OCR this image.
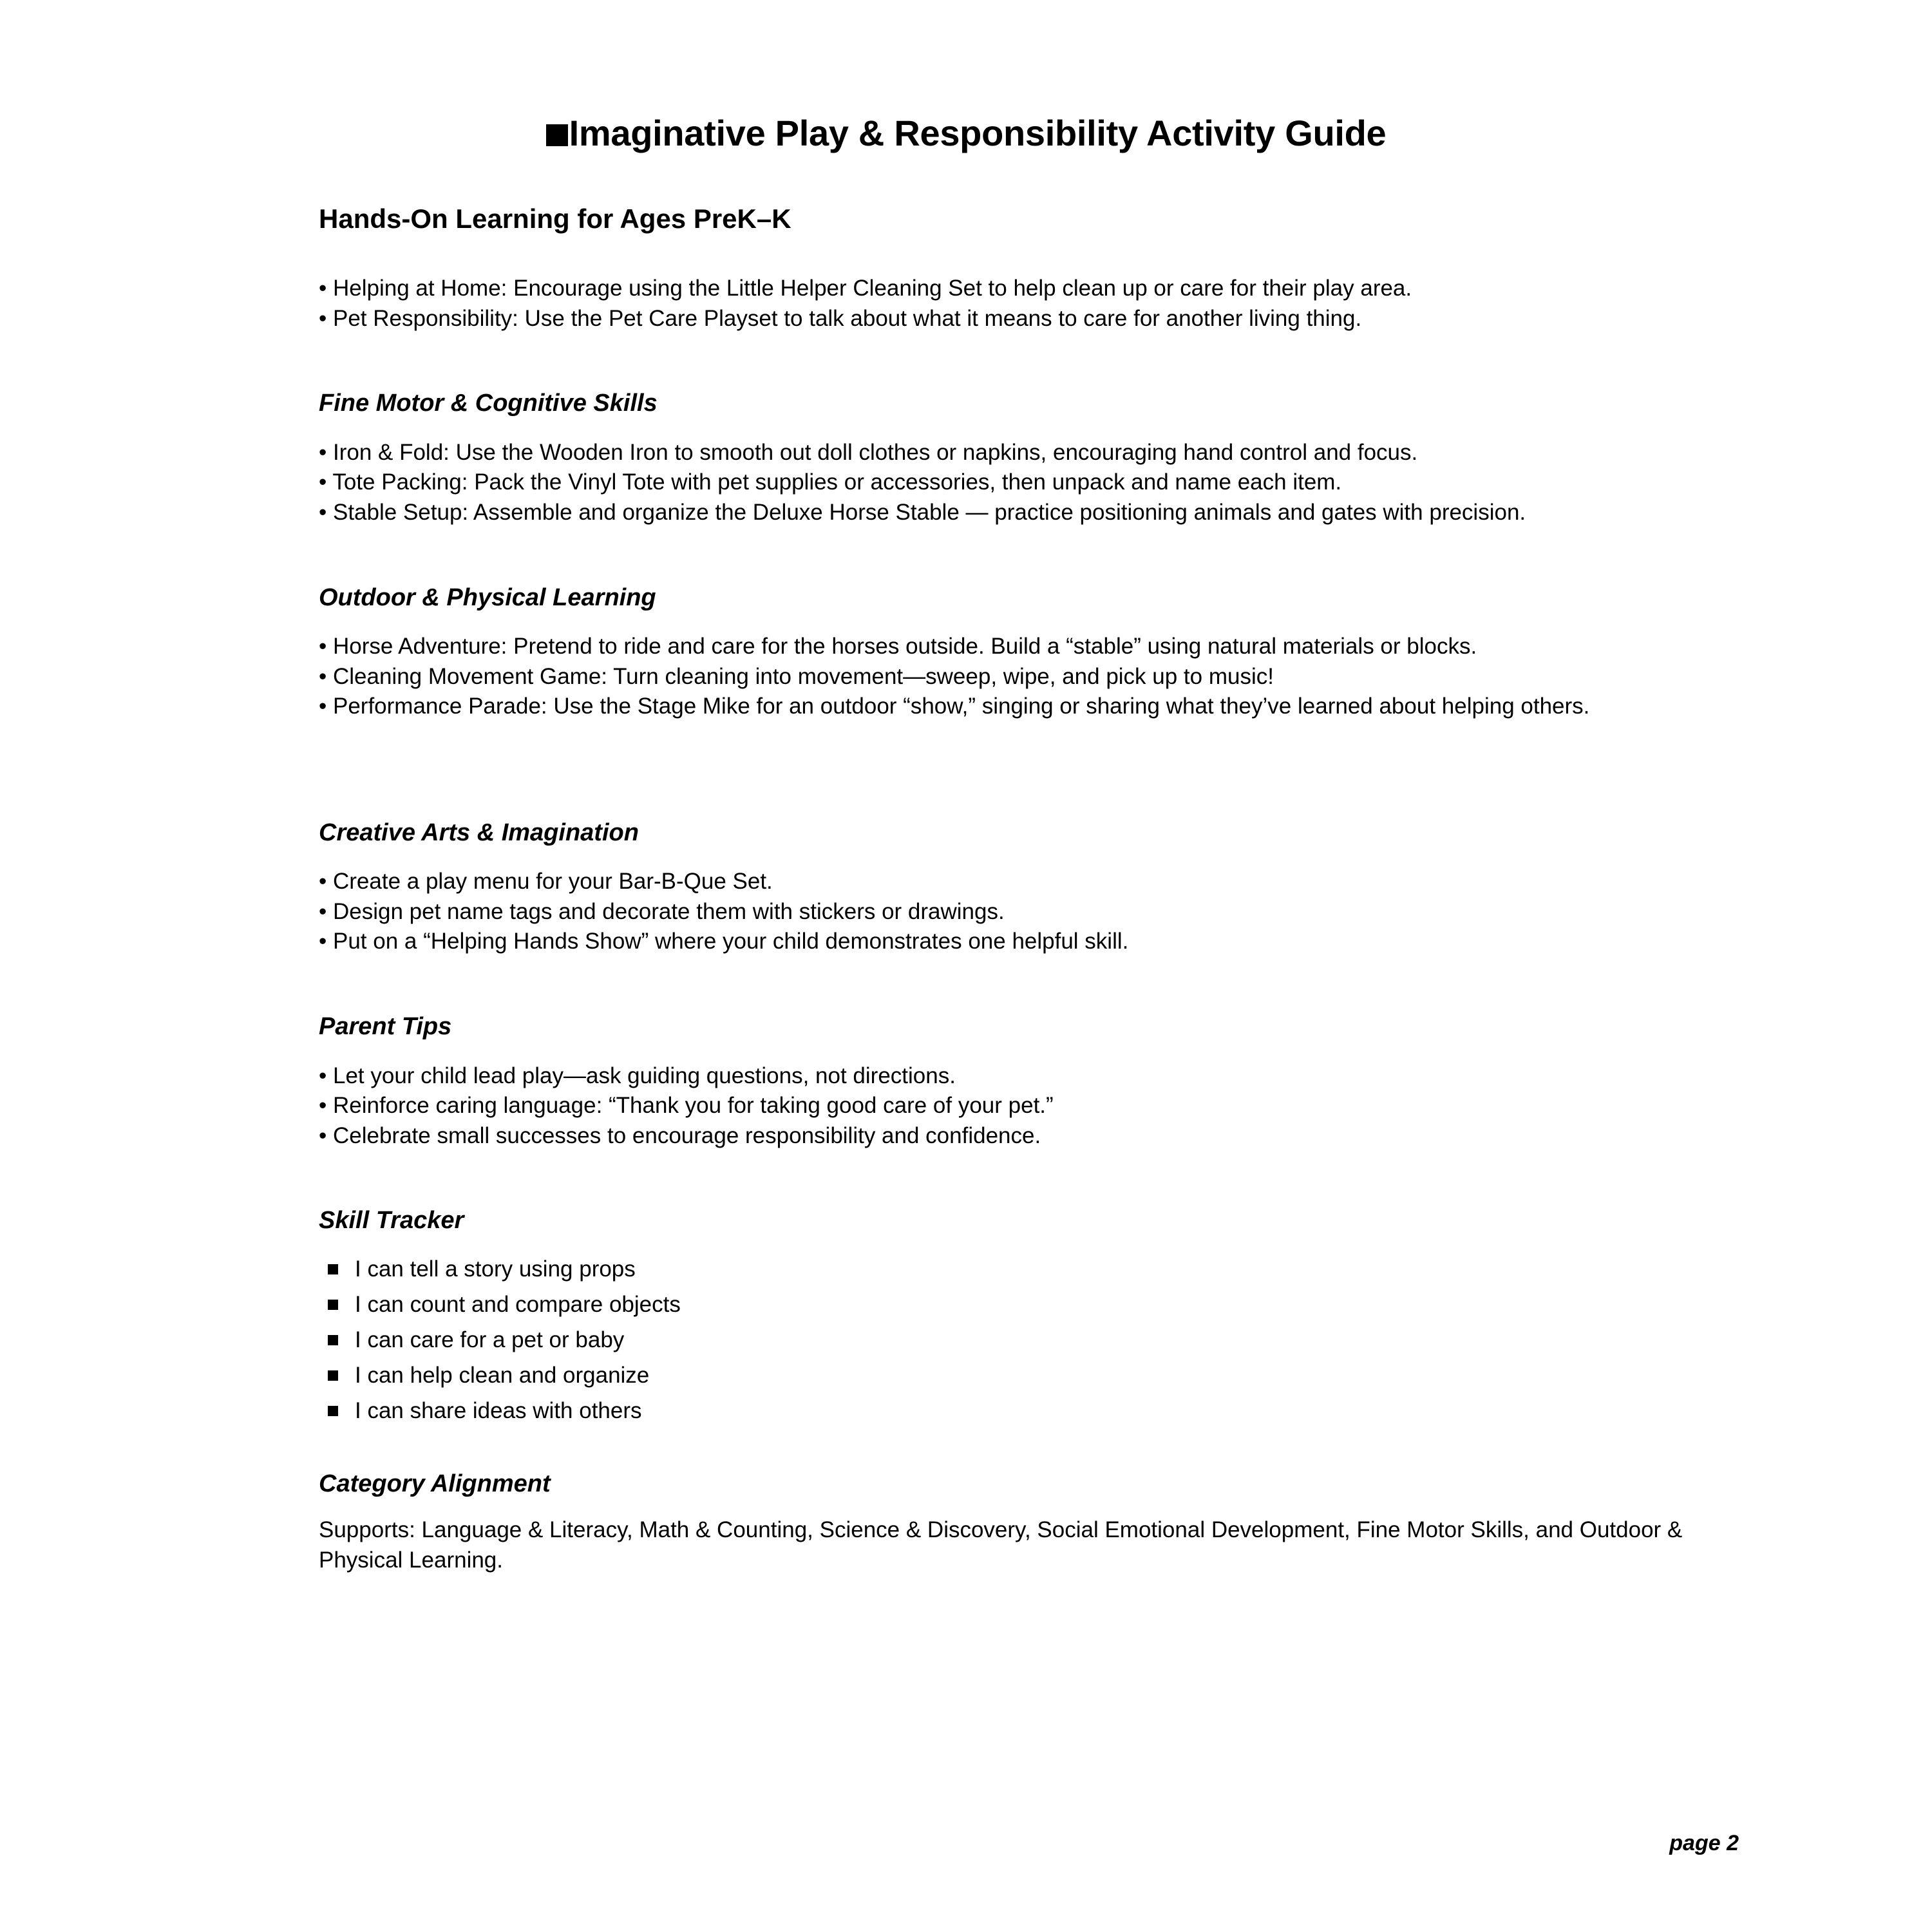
Imaginative Play & Responsibility Activity Guide
Hands-On Learning for Ages PreK–K

• Helping at Home: Encourage using the Little Helper Cleaning Set to help clean up or care for their play area.

• Pet Responsibility: Use the Pet Care Playset to talk about what it means to care for another living thing.

Fine Motor & Cognitive Skills

• Iron & Fold: Use the Wooden Iron to smooth out doll clothes or napkins, encouraging hand control and focus.

• Tote Packing: Pack the Vinyl Tote with pet supplies or accessories, then unpack and name each item.

• Stable Setup: Assemble and organize the Deluxe Horse Stable — practice positioning animals and gates with precision.

Outdoor & Physical Learning

• Horse Adventure: Pretend to ride and care for the horses outside. Build a “stable” using natural materials or blocks.

• Cleaning Movement Game: Turn cleaning into movement—sweep, wipe, and pick up to music!

• Performance Parade: Use the Stage Mike for an outdoor “show,” singing or sharing what they’ve learned about helping others.

Creative Arts & Imagination

• Create a play menu for your Bar-B-Que Set.

• Design pet name tags and decorate them with stickers or drawings.

• Put on a “Helping Hands Show” where your child demonstrates one helpful skill.

Parent Tips

• Let your child lead play—ask guiding questions, not directions.

• Reinforce caring language: “Thank you for taking good care of your pet.”

• Celebrate small successes to encourage responsibility and confidence.

Skill Tracker
I can tell a story using props
I can count and compare objects
I can care for a pet or baby
I can help clean and organize
I can share ideas with others
Category Alignment

Supports: Language & Literacy, Math & Counting, Science & Discovery, Social Emotional Development, Fine Motor Skills, and Outdoor & Physical Learning.

page 2
